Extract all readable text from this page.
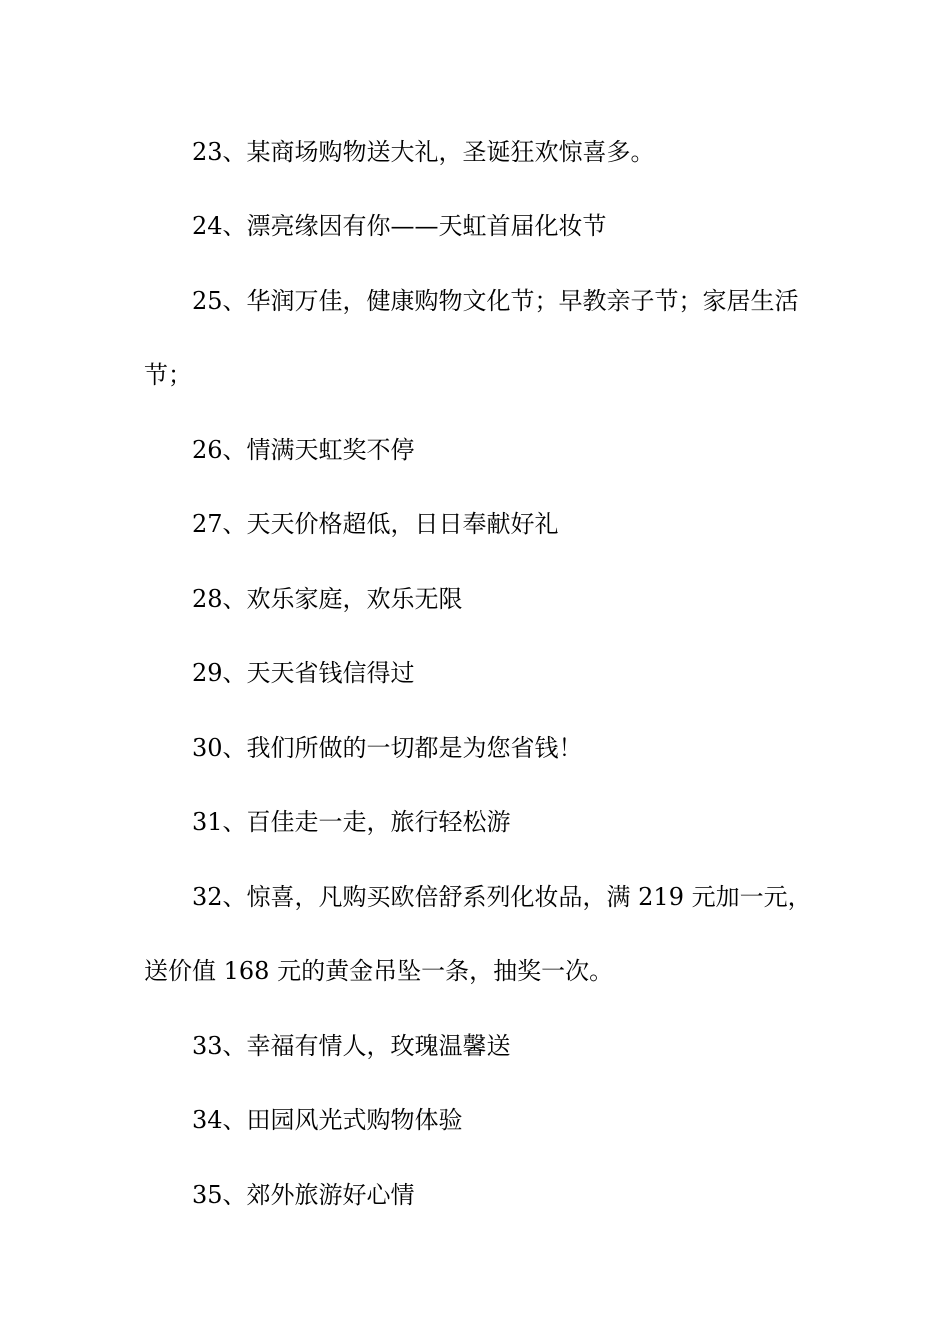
23、某商场购物送大礼，圣诞狂欢惊喜多。
24、漂亮缘因有你——天虹首届化妆节
25、华润万佳，健康购物文化节；早教亲子节；家居生活
节；
26、情满天虹奖不停
27、天天价格超低，日日奉献好礼
28、欢乐家庭，欢乐无限
29、天天省钱信得过
30、我们所做的一切都是为您省钱！
31、百佳走一走，旅行轻松游
32、惊喜，凡购买欧倍舒系列化妆品，满 219 元加一元，
送价值 168 元的黄金吊坠一条，抽奖一次。
33、幸福有情人，玫瑰温馨送
34、田园风光式购物体验
35、郊外旅游好心情
